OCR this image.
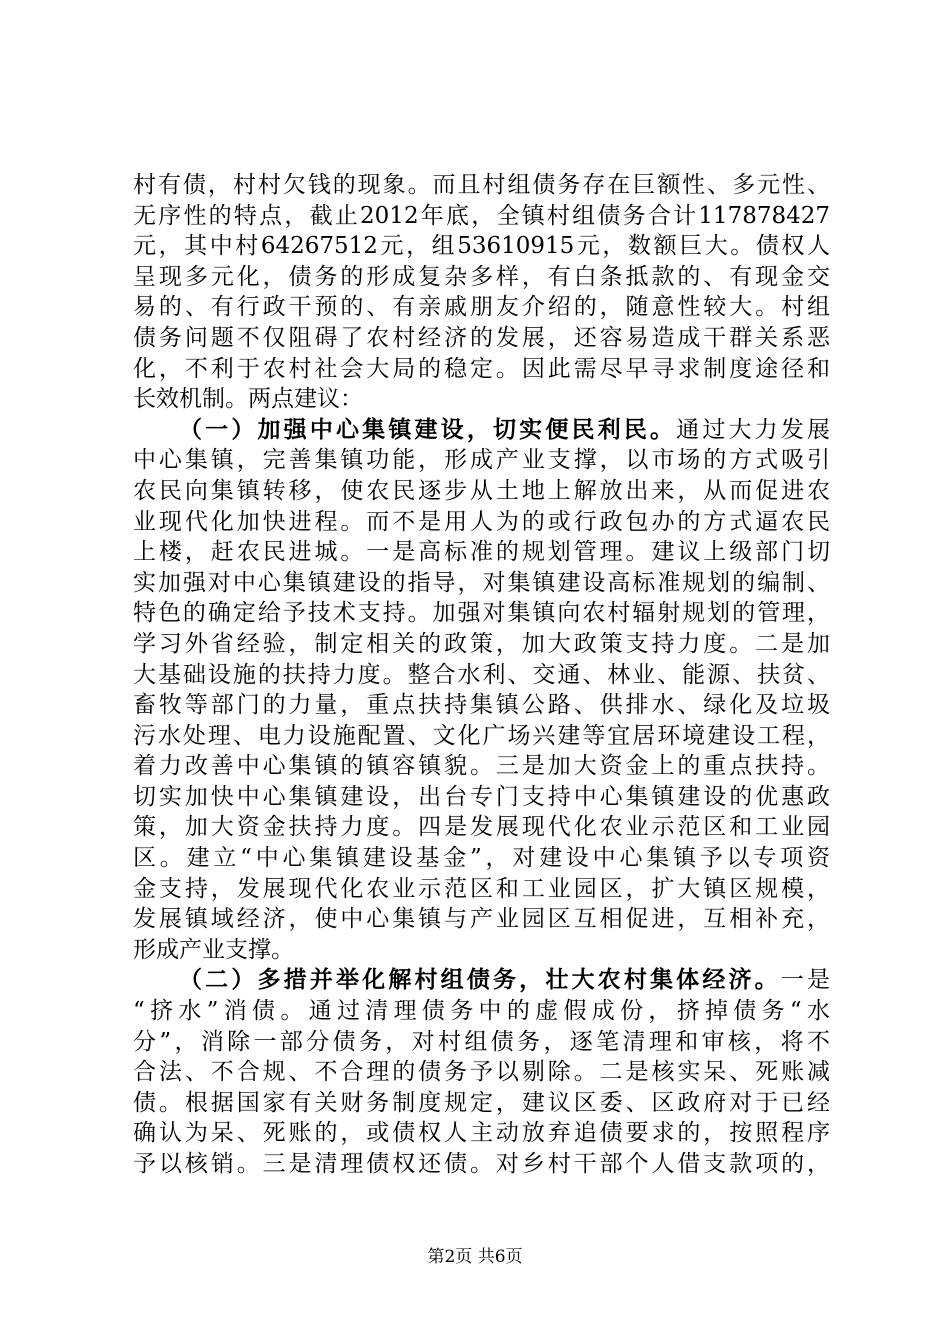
村有债，村村欠钱的现象。而且村组债务存在巨额性、多元性、
无序性的特点，截止2012年底，全镇村组债务合计117878427
元，其中村64267512元，组53610915元，数额巨大。债权人
呈现多元化，债务的形成复杂多样，有白条抵款的、有现金交
易的、有行政干预的、有亲戚朋友介绍的，随意性较大。村组
债务问题不仅阻碍了农村经济的发展，还容易造成干群关系恶
化，不利于农村社会大局的稳定。因此需尽早寻求制度途径和
长效机制。两点建议：
（一）加强中心集镇建设，切实便民利民。通过大力发展
中心集镇，完善集镇功能，形成产业支撑，以市场的方式吸引
农民向集镇转移，使农民逐步从土地上解放出来，从而促进农
业现代化加快进程。而不是用人为的或行政包办的方式逼农民
上楼，赶农民进城。一是高标准的规划管理。建议上级部门切
实加强对中心集镇建设的指导，对集镇建设高标准规划的编制、
特色的确定给予技术支持。加强对集镇向农村辐射规划的管理，
学习外省经验，制定相关的政策，加大政策支持力度。二是加
大基础设施的扶持力度。整合水利、交通、林业、能源、扶贫、
畜牧等部门的力量，重点扶持集镇公路、供排水、绿化及垃圾
污水处理、电力设施配置、文化广场兴建等宜居环境建设工程，
着力改善中心集镇的镇容镇貌。三是加大资金上的重点扶持。
切实加快中心集镇建设，出台专门支持中心集镇建设的优惠政
策，加大资金扶持力度。四是发展现代化农业示范区和工业园
区。建立“中心集镇建设基金”，对建设中心集镇予以专项资
金支持，发展现代化农业示范区和工业园区，扩大镇区规模，
发展镇域经济，使中心集镇与产业园区互相促进，互相补充，
形成产业支撑。
（二）多措并举化解村组债务，壮大农村集体经济。一是
“挤水”消债。通过清理债务中的虚假成份，挤掉债务“水
分”，消除一部分债务，对村组债务，逐笔清理和审核，将不
合法、不合规、不合理的债务予以剔除。二是核实呆、死账减
债。根据国家有关财务制度规定，建议区委、区政府对于已经
确认为呆、死账的，或债权人主动放弃追债要求的，按照程序
予以核销。三是清理债权还债。对乡村干部个人借支款项的，
第2页 共6页
